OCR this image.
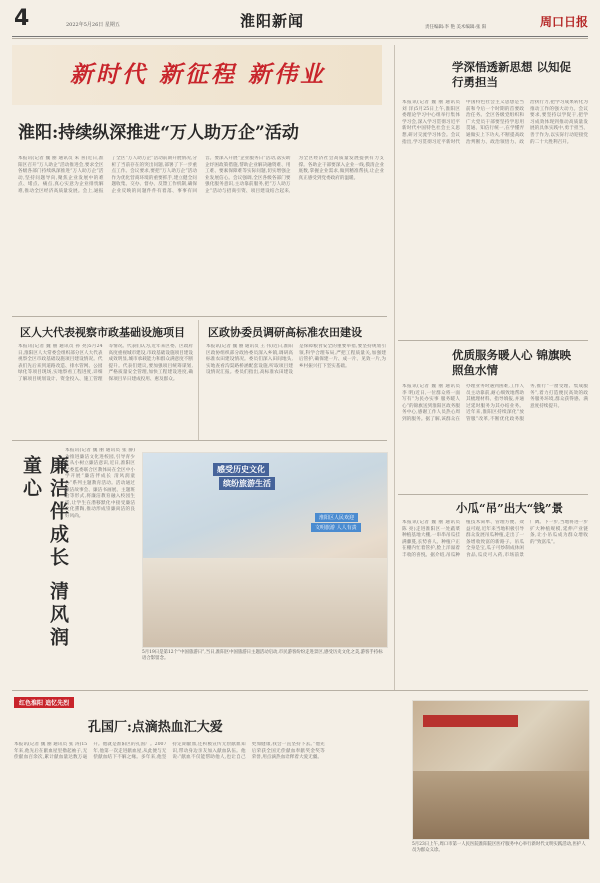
4	2022年5月26日 星期五	淮阳新闻	责任编辑:李 艳 美术编辑:张 阳	周口日报
新时代 新征程 新伟业
淮阳:持续纵深推进“万人助万企”活动
本报讯(记者 魏 丽 通讯员 朱 喜)近日,淮阳区召开“万人助企”活动推进会,要求全区各级各部门持续纵深推进“万人助万企”活动,坚持问题导向,聚焦企业发展中的难点、堵点、痛点,真心实意为企业排忧解难,推动全区经济高质量发展。会上,通报了全区“万人助万企”活动前期开展情况,分析了当前存在的突出问题,部署了下一步重点工作。会议要求,要把“万人助万企”活动作为优化营商环境的重要抓手,建立健全问题收集、交办、督办、反馈工作机制,确保企业反映的问题件件有着落、事事有回音。要深入开展“企业服务日”活动,落实助企纾困政策措施,帮助企业解决融资难、用工难、要素保障难等实际问题,切实增强企业发展信心。会议强调,全区各级各部门要强化服务意识,主动靠前服务,把“万人助万企”活动与招商引资、项目建设结合起来,为全区经济社会高质量发展提供有力支撑。各助企干部要深入企业一线,摸清企业底数,掌握企业需求,做到精准帮扶,让企业真正感受到党委政府的温暖。
区人大代表视察市政基础设施项目
本报讯(记者 魏 丽 通讯员 孙 亮)5月24日,淮阳区人大常委会组织部分区人大代表视察全区市政基础设施项目建设情况。代表们先后来到道路改造、排水管网、公园绿化等项目现场,实地察看工程进度,详细了解项目规划设计、资金投入、施工管理等情况。代表们认为,近年来区委、区政府高度重视城市建设,市政基础设施项目建设成效明显,城市承载能力和群众满意度不断提升。代表们建议,要加强项目统筹谋划,严格质量安全管理,加快工程建设进度,确保项目早日建成投用、惠及群众。
区政协委员调研高标准农田建设
本报讯(记者 魏 丽 通讯员 王 伟)近日,淮阳区政协组织部分政协委员深入乡镇,调研高标准农田建设情况。委员们深入田间地头,实地查看沟渠路桥涵配套设施,听取项目建设情况汇报。委员们指出,高标准农田建设是保障粮食安全的重要举措,要坚持规划引领,科学合理布局,严把工程质量关,加强建后管护,确保建一片、成一片、见效一片,为乡村振兴打下坚实基础。
廉洁伴成长 清风润童心
本报讯(记者 魏 丽 通讯员 张 静)为推进廉洁文化进校园,引导青少年从小树立廉洁意识,近日,淮阳区纪委监委联合区教体局在全区中小学开展“廉洁伴成长 清风润童心”系列主题教育活动。活动通过廉洁故事会、廉洁书画展、主题班会等形式,将廉洁教育融入校园生活,让学生在潜移默化中接受廉洁文化熏陶,推动形成崇廉尚洁的良好风尚。
感受历史文化
缤纷旅游生活
淮阳区人民欢迎
文明旅游 人人有责
5月19日是第12个“中国旅游日”,当日,淮阳区中国旅游日主题活动启动,市民游客纷纷走进景区,感受历史文化之美,游客手持标语合影留念。
学深悟透新思想 以知促行勇担当
本报讯(记者 魏 丽 通讯员 刘 洋)5月25日上午,淮阳区委理论学习中心组举行集体学习会,深入学习贯彻习近平新时代中国特色社会主义思想,研讨交流学习体会。会议指出,学习贯彻习近平新时代中国特色社会主义思想是当前和今后一个时期的首要政治任务。全区各级党组织和广大党员干部要坚持学思用贯通、知信行统一,在学懂弄通做实上下功夫,不断提高政治判断力、政治领悟力、政治执行力,把学习成果转化为推动工作的强大动力。会议要求,要坚持以学促干,把学习成效体现到推动高质量发展的具体实践中,勇于担当、善于作为,以实际行动迎接党的二十大胜利召开。
优质服务暖人心 锦旗映照鱼水情
本报讯(记者 魏 丽 通讯员 李 明)近日,一位群众将一面写有“为民办实事 服务暖人心”的锦旗送到淮阳区政务服务中心,感谢工作人员热心周到的服务。据了解,该群众在办理业务时遇到困难,工作人员主动靠前,耐心细致地帮助其梳理材料、指导填报,并通过延时服务为其办结业务。近年来,淮阳区持续深化“放管服”改革,不断优化政务服务,推行“一窗受理、集成服务”,着力打造便民高效的政务服务环境,群众获得感、满意度持续提升。
小瓜“吊”出大“钱”景
本报讯(记者 魏 丽 通讯员 陈 亮)走进淮阳区一处蔬菜种植基地大棚,一串串吊瓜挂满藤蔓,长势喜人。种植户正在棚内忙着管护,脸上洋溢着丰收的喜悦。据介绍,吊瓜种植技术简单、管理方便、效益可观,近年来当地积极引导群众发展吊瓜种植,走出了一条增收致富的新路子。吊瓜全身是宝,瓜子可炒制成休闲食品,瓜皮可入药,市场前景广阔。下一步,当地将进一步扩大种植规模,延伸产业链条,让小吊瓜成为群众增收的“致富瓜”。
红色淮阳 追忆先烈
孔国厂:点滴热血汇大爱
本报讯(记者 魏 丽 通讯员 张 涛)15年来,他先后在献血屋里撸起袖子,无偿献血百余次,累计献血量达数万毫升。他就是淮阳区的孔国厂。2007年,他第一次走进献血屋,从此便与无偿献血结下不解之缘。多年来,他坚持定期献血,还积极宣传无偿献血知识,带动身边亲友加入献血队伍。他说:“献血不仅能帮助他人,也让自己更加健康,我会一直坚持下去。”他先后荣获全国无偿献血奉献奖金奖等荣誉,用点滴热血诠释着大爱无疆。
5月23日上午,周口市第一人民医院淮阳院区医疗服务中心举行新时代文明实践活动,医护人员为群众义诊。
